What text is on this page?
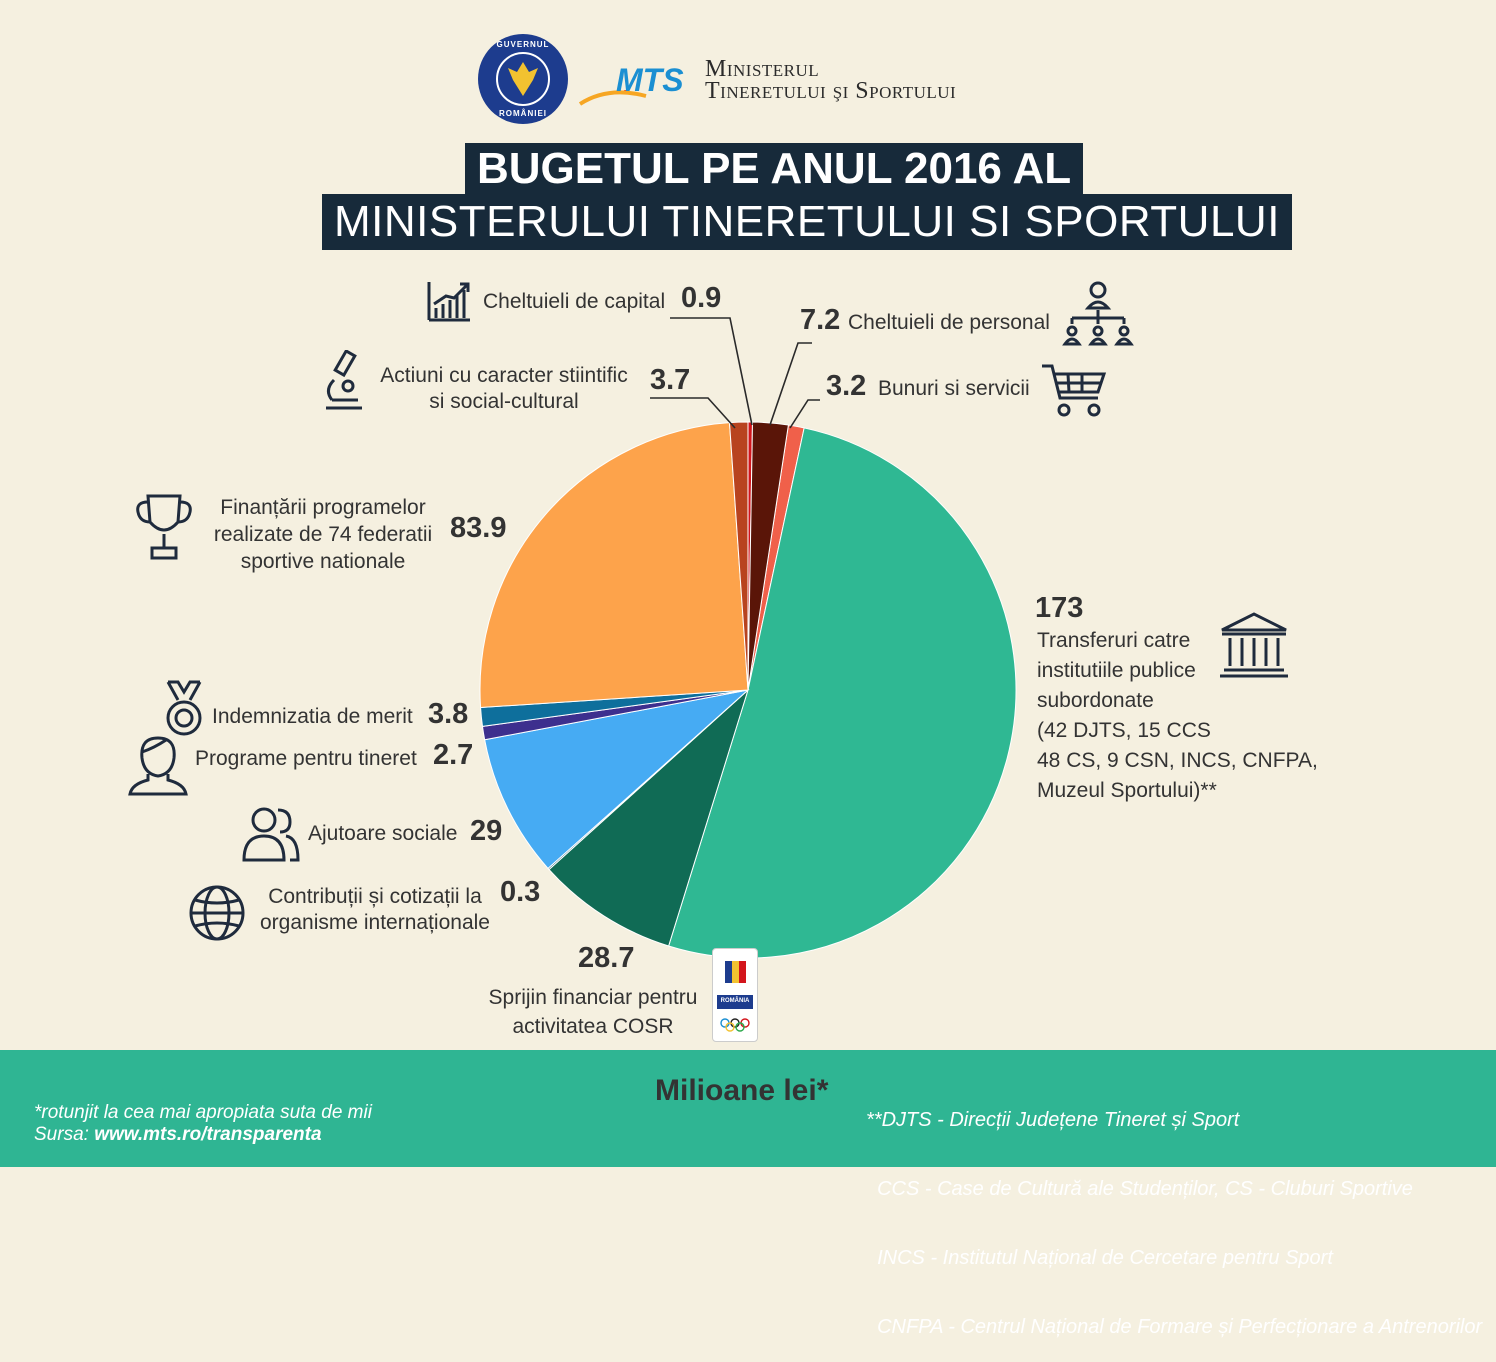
GUVERNUL
ROMÂNIEI
MTS Ministerul
Tineretului şi Sportului
BUGETUL PE ANUL 2016 AL
MINISTERULUI TINERETULUI SI SPORTULUI
Cheltuieli de capital 0.9
7.2 Cheltuieli de personal
3.2 Bunuri si servicii
Actiuni cu caracter stiintific
si social-cultural
3.7
Finanțării programelor
realizate de 74 federatii
sportive nationale
83.9
Indemnizatia de merit 3.8
Programe pentru tineret 2.7
Ajutoare sociale 29
Contribuții și cotizații la
organisme internaționale
0.3
28.7
Sprijin financiar pentru
activitatea COSR
ROMÂNIA
173
Transferuri catre
institutiile publice
subordonate
(42 DJTS, 15 CCS
48 CS, 9 CSN, INCS, CNFPA,
Muzeul Sportului)**
*rotunjit la cea mai apropiata suta de mii
Sursa: www.mts.ro/transparenta
Milioane lei*

**DJTS - Direcții Județene Tineret și Sport

CCS - Case de Cultură ale Studenților, CS - Cluburi Sportive

INCS - Institutul Național de Cercetare pentru Sport

CNFPA - Centrul Național de Formare și Perfecționare a Antrenorilor
